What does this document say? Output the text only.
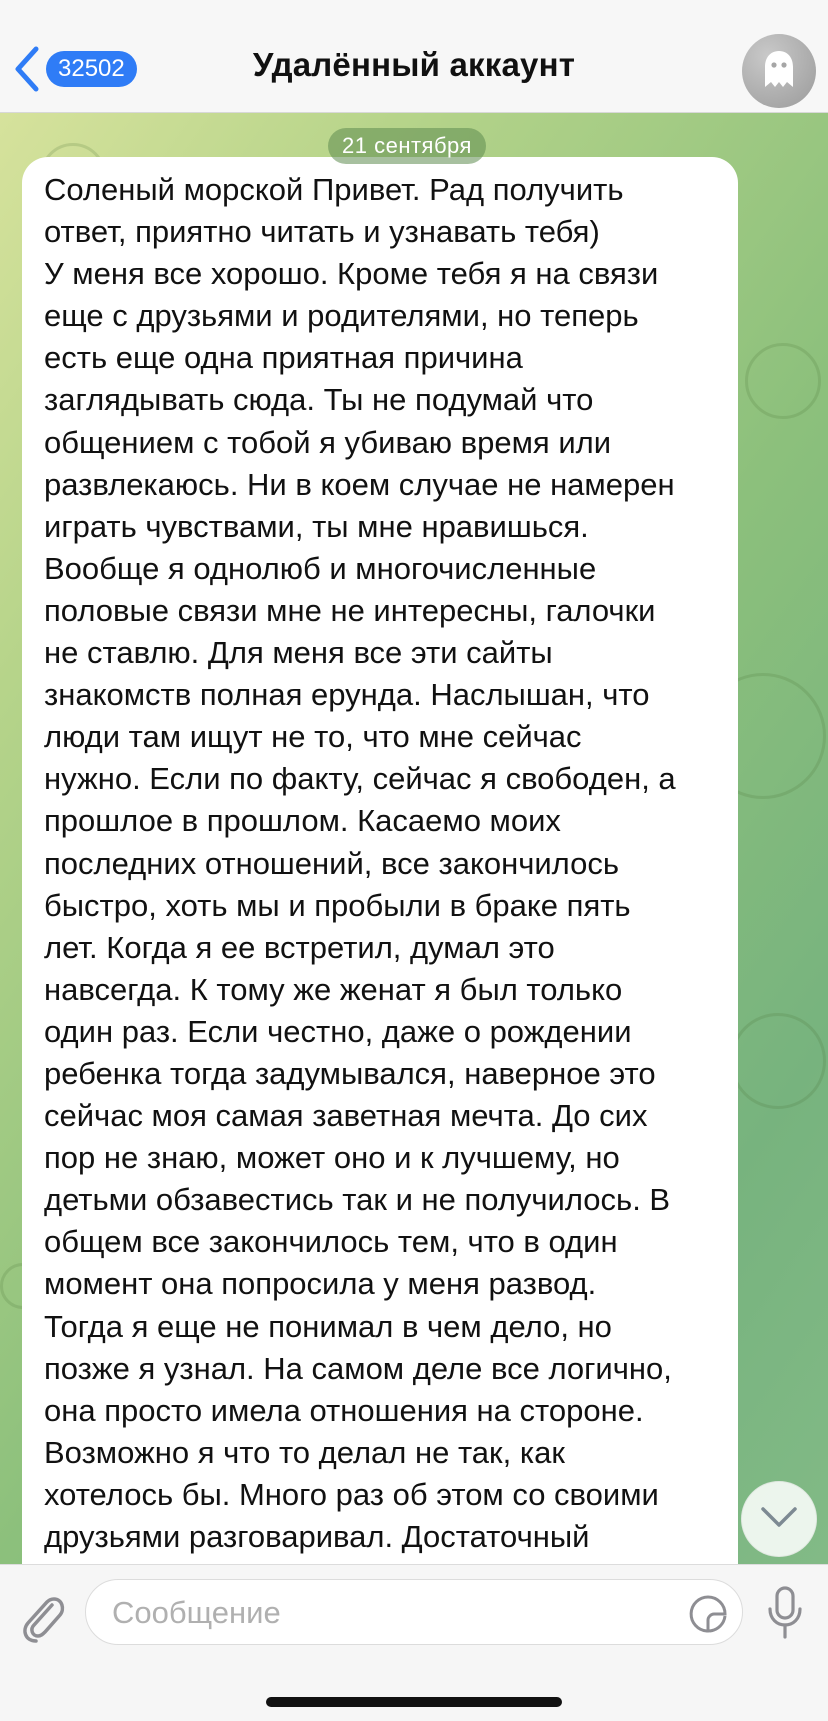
32502	Удалённый аккаунт

Соленый морской Привет. Рад получить
ответ, приятно читать и узнавать тебя)
У меня все хорошо. Кроме тебя я на связи
еще с друзьями и родителями, но теперь
есть еще одна приятная причина
заглядывать сюда. Ты не подумай что
общением с тобой я убиваю время или
развлекаюсь. Ни в коем случае не намерен
играть чувствами, ты мне нравишься.
Вообще я однолюб и многочисленные
половые связи мне не интересны, галочки
не ставлю. Для меня все эти сайты
знакомств полная ерунда. Наслышан, что
люди там ищут не то, что мне сейчас
нужно. Если по факту, сейчас я свободен, а
прошлое в прошлом. Касаемо моих
последних отношений, все закончилось
быстро, хоть мы и пробыли в браке пять
лет. Когда я ее встретил, думал это
навсегда. К тому же женат я был только
один раз. Если честно, даже о рождении
ребенка тогда задумывался, наверное это
сейчас моя самая заветная мечта. До сих
пор не знаю, может оно и к лучшему, но
детьми обзавестись так и не получилось. В
общем все закончилось тем, что в один
момент она попросила у меня развод.
Тогда я еще не понимал в чем дело, но
позже я узнал. На самом деле все логично,
она просто имела отношения на стороне.
Возможно я что то делал не так, как
хотелось бы. Много раз об этом со своими
друзьями разговаривал. Достаточный

21 сентября
Сообщение
